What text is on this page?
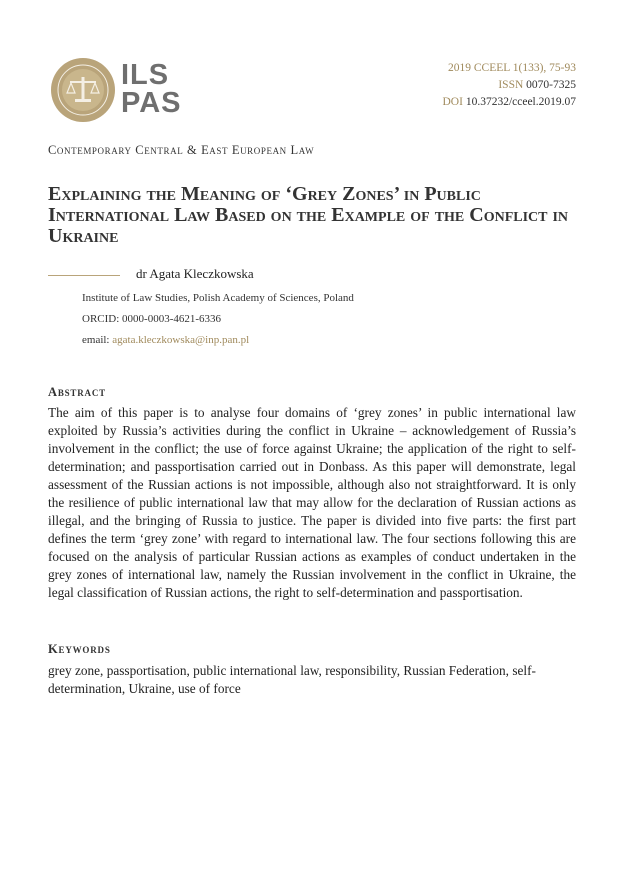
ILS
PAS
2019 CCEEL 1(133), 75-93
ISSN 0070-7325
DOI 10.37232/cceel.2019.07
Contemporary Central & East European Law
Explaining the Meaning of ‘Grey Zones’ in Public International Law Based on the Example of the Conflict in Ukraine
dr Agata Kleczkowska
Institute of Law Studies, Polish Academy of Sciences, Poland
ORCID: 0000-0003-4621-6336
email: agata.kleczkowska@inp.pan.pl
Abstract

The aim of this paper is to analyse four domains of ‘grey zones’ in public international law exploited by Russia’s activities during the conflict in Ukraine – acknowledgement of Russia’s involvement in the conflict; the use of force against Ukraine; the application of the right to self-determination; and passportisation carried out in Donbass. As this paper will demonstrate, legal assessment of the Russian actions is not impossible, although also not straightforward. It is only the resilience of public international law that may allow for the declaration of Russian actions as illegal, and the bringing of Russia to justice. The paper is divided into five parts: the first part defines the term ‘grey zone’ with regard to international law. The four sections following this are focused on the analysis of particular Russian actions as examples of conduct undertaken in the grey zones of international law, namely the Russian involvement in the conflict in Ukraine, the legal classification of Russian actions, the right to self-determination and passportisation.

Keywords

grey zone, passportisation, public international law, responsibility, Russian Federation, self-determination, Ukraine, use of force
